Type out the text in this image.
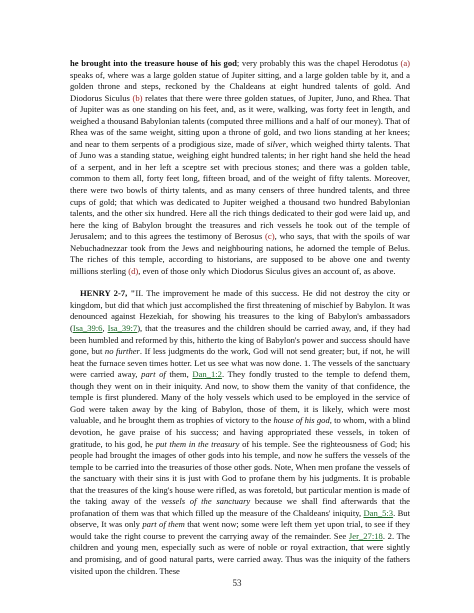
he brought into the treasure house of his god; very probably this was the chapel Herodotus (a) speaks of, where was a large golden statue of Jupiter sitting, and a large golden table by it, and a golden throne and steps, reckoned by the Chaldeans at eight hundred talents of gold. And Diodorus Siculus (b) relates that there were three golden statues, of Jupiter, Juno, and Rhea. That of Jupiter was as one standing on his feet, and, as it were, walking, was forty feet in length, and weighed a thousand Babylonian talents (computed three millions and a half of our money). That of Rhea was of the same weight, sitting upon a throne of gold, and two lions standing at her knees; and near to them serpents of a prodigious size, made of silver, which weighed thirty talents. That of Juno was a standing statue, weighing eight hundred talents; in her right hand she held the head of a serpent, and in her left a sceptre set with precious stones; and there was a golden table, common to them all, forty feet long, fifteen broad, and of the weight of fifty talents. Moreover, there were two bowls of thirty talents, and as many censers of three hundred talents, and three cups of gold; that which was dedicated to Jupiter weighed a thousand two hundred Babylonian talents, and the other six hundred. Here all the rich things dedicated to their god were laid up, and here the king of Babylon brought the treasures and rich vessels he took out of the temple of Jerusalem; and to this agrees the testimony of Berosus (c), who says, that with the spoils of war Nebuchadnezzar took from the Jews and neighbouring nations, he adorned the temple of Belus. The riches of this temple, according to historians, are supposed to be above one and twenty millions sterling (d), even of those only which Diodorus Siculus gives an account of, as above.

HENRY 2-7, "II. The improvement he made of this success. He did not destroy the city or kingdom, but did that which just accomplished the first threatening of mischief by Babylon. It was denounced against Hezekiah, for showing his treasures to the king of Babylon's ambassadors (Isa_39:6, Isa_39:7), that the treasures and the children should be carried away, and, if they had been humbled and reformed by this, hitherto the king of Babylon's power and success should have gone, but no further. If less judgments do the work, God will not send greater; but, if not, he will heat the furnace seven times hotter. Let us see what was now done. 1. The vessels of the sanctuary were carried away, part of them, Dan_1:2. They fondly trusted to the temple to defend them, though they went on in their iniquity. And now, to show them the vanity of that confidence, the temple is first plundered. Many of the holy vessels which used to be employed in the service of God were taken away by the king of Babylon, those of them, it is likely, which were most valuable, and he brought them as trophies of victory to the house of his god, to whom, with a blind devotion, he gave praise of his success; and having appropriated these vessels, in token of gratitude, to his god, he put them in the treasury of his temple. See the righteousness of God; his people had brought the images of other gods into his temple, and now he suffers the vessels of the temple to be carried into the treasuries of those other gods. Note, When men profane the vessels of the sanctuary with their sins it is just with God to profane them by his judgments. It is probable that the treasures of the king's house were rifled, as was foretold, but particular mention is made of the taking away of the vessels of the sanctuary because we shall find afterwards that the profanation of them was that which filled up the measure of the Chaldeans' iniquity, Dan_5:3. But observe, It was only part of them that went now; some were left them yet upon trial, to see if they would take the right course to prevent the carrying away of the remainder. See Jer_27:18. 2. The children and young men, especially such as were of noble or royal extraction, that were sightly and promising, and of good natural parts, were carried away. Thus was the iniquity of the fathers visited upon the children. These

53
